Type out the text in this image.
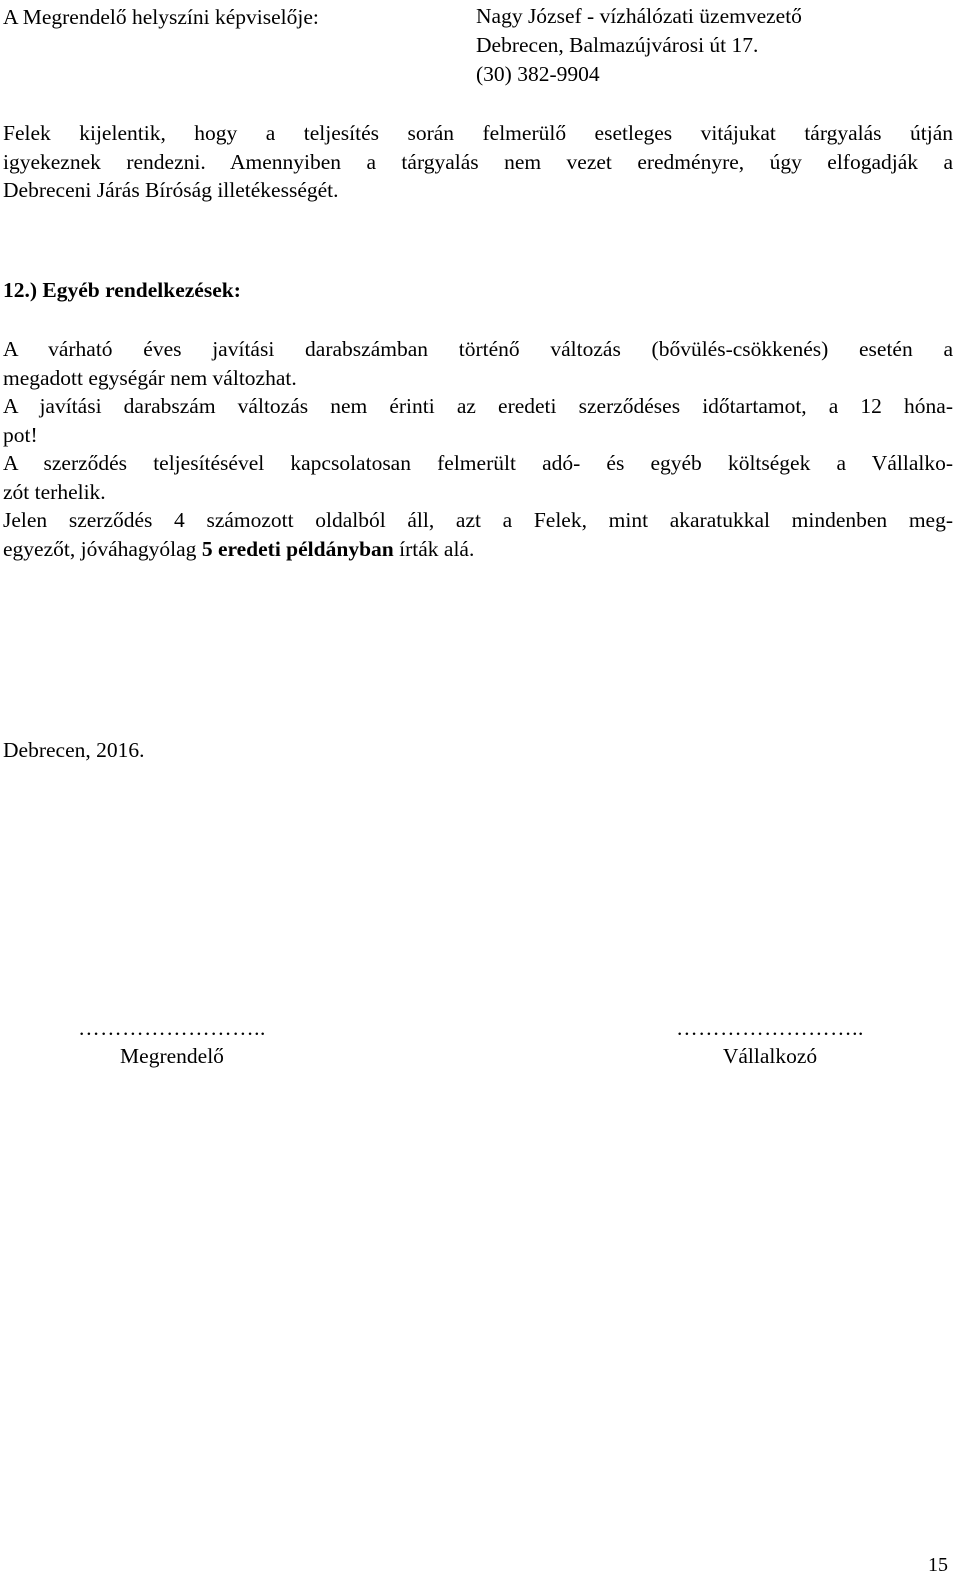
A Megrendelő helyszíni képviselője:	Nagy József - vízhálózati üzemvezető
Debrecen, Balmazújvárosi út 17.
(30) 382-9904
Felek kijelentik, hogy a teljesítés során felmerülő esetleges vitájukat tárgyalás útján
igyekeznek rendezni. Amennyiben a tárgyalás nem vezet eredményre, úgy elfogadják a
Debreceni Járás Bíróság illetékességét.
12.) Egyéb rendelkezések:
A várható éves javítási darabszámban történő változás (bővülés-csökkenés) esetén a
megadott egységár nem változhat.
A javítási darabszám változás nem érinti az eredeti szerződéses időtartamot, a 12 hóna-
pot!
A szerződés teljesítésével kapcsolatosan felmerült adó- és egyéb költségek a Vállalko-
zót terhelik.
Jelen szerződés 4 számozott oldalból áll, azt a Felek, mint akaratukkal mindenben meg-
egyezőt, jóváhagyólag 5 eredeti példányban írták alá.
Debrecen, 2016.
……………………..
Megrendelő
……………………..
Vállalkozó
15
